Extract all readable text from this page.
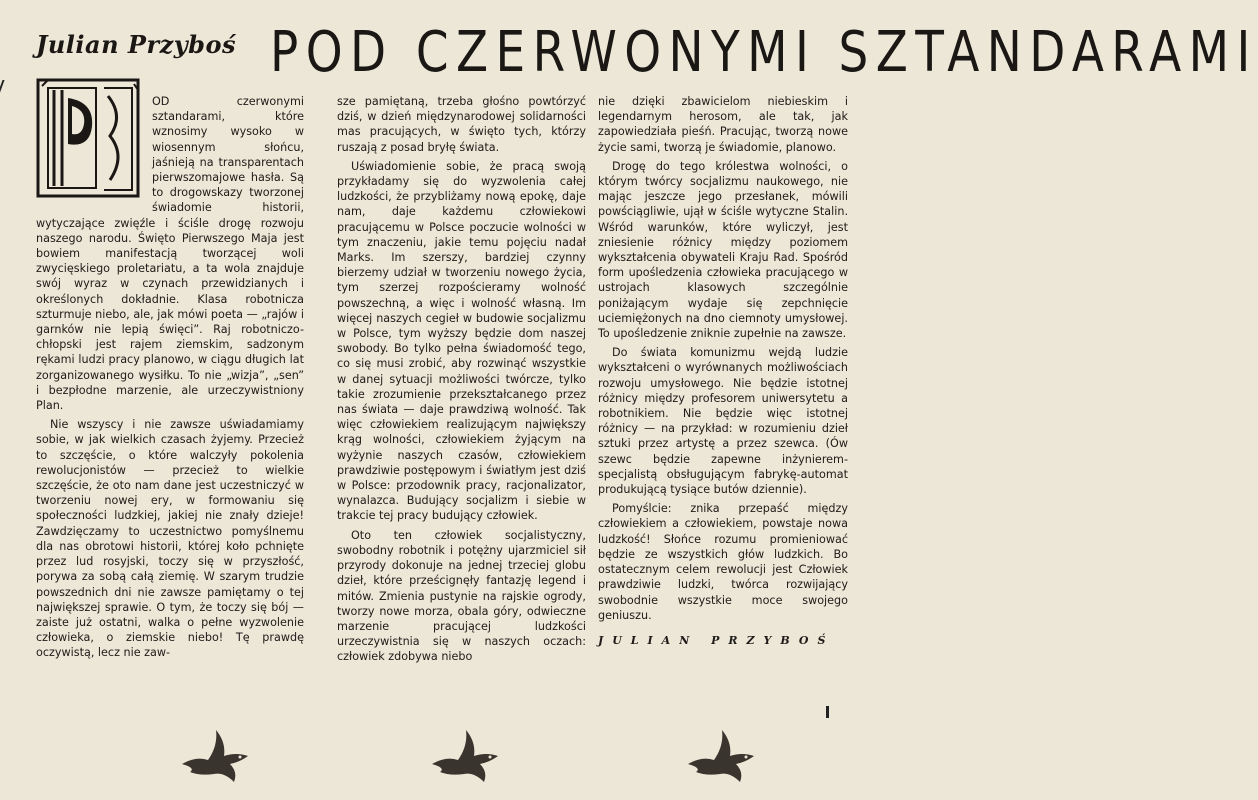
Julian Przyboś POD CZERWONYMI SZTANDARAMI

OD czerwonymi sztandarami, które wznosimy wysoko w wiosennym słońcu, jaśnieją na transparentach pierwszomajowe hasła. Są to drogowskazy tworzonej świadomie historii, wytyczające zwięźle i ściśle drogę rozwoju naszego narodu. Święto Pierwszego Maja jest bowiem manifestacją tworzącej woli zwycięskiego proletariatu, a ta wola znajduje swój wyraz w czynach przewidzianych i określonych dokładnie. Klasa robotnicza szturmuje niebo, ale, jak mówi poeta — „rajów i garnków nie lepią święci”. Raj robotniczo-chłopski jest rajem ziemskim, sadzonym rękami ludzi pracy planowo, w ciągu długich lat zorganizowanego wysiłku. To nie „wizja”, „sen” i bezpłodne marzenie, ale urzeczywistniony Plan.

Nie wszyscy i nie zawsze uświadamiamy sobie, w jak wielkich czasach żyjemy. Przecież to szczęście, o które walczyły pokolenia rewolucjonistów — przecież to wielkie szczęście, że oto nam dane jest uczestniczyć w tworzeniu nowej ery, w formowaniu się społeczności ludzkiej, jakiej nie znały dzieje! Zawdzięczamy to uczestnictwo pomyślnemu dla nas obrotowi historii, której koło pchnięte przez lud rosyjski, toczy się w przyszłość, porywa za sobą całą ziemię. W szarym trudzie powszednich dni nie zawsze pamiętamy o tej największej sprawie. O tym, że toczy się bój — zaiste już ostatni, walka o pełne wyzwolenie człowieka, o ziemskie niebo! Tę prawdę oczywistą, lecz nie zaw-

sze pamiętaną, trzeba głośno powtórzyć dziś, w dzień międzynarodowej solidarności mas pracujących, w święto tych, którzy ruszają z posad bryłę świata.

Uświadomienie sobie, że pracą swoją przykładamy się do wyzwolenia całej ludzkości, że przybliżamy nową epokę, daje nam, daje każdemu człowiekowi pracującemu w Polsce poczucie wolności w tym znaczeniu, jakie temu pojęciu nadał Marks. Im szerszy, bardziej czynny bierzemy udział w tworzeniu nowego życia, tym szerzej rozpościeramy wolność powszechną, a więc i wolność własną. Im więcej naszych cegieł w budowie socjalizmu w Polsce, tym wyższy będzie dom naszej swobody. Bo tylko pełna świadomość tego, co się musi zrobić, aby rozwinąć wszystkie w danej sytuacji możliwości twórcze, tylko takie zrozumienie przekształcanego przez nas świata — daje prawdziwą wolność. Tak więc człowiekiem realizującym największy krąg wolności, człowiekiem żyjącym na wyżynie naszych czasów, człowiekiem prawdziwie postępowym i światłym jest dziś w Polsce: przodownik pracy, racjonalizator, wynalazca. Budujący socjalizm i siebie w trakcie tej pracy budujący człowiek.

Oto ten człowiek socjalistyczny, swobodny robotnik i potężny ujarzmiciel sił przyrody dokonuje na jednej trzeciej globu dzieł, które prześcignęły fantazję legend i mitów. Zmienia pustynie na rajskie ogrody, tworzy nowe morza, obala góry, odwieczne marzenie pracującej ludzkości urzeczywistnia się w naszych oczach: człowiek zdobywa niebo

nie dzięki zbawicielom niebieskim i legendarnym herosom, ale tak, jak zapowiedziała pieśń. Pracując, tworzą nowe życie sami, tworzą je świadomie, planowo.

Drogę do tego królestwa wolności, o którym twórcy socjalizmu naukowego, nie mając jeszcze jego przesłanek, mówili powściągliwie, ujął w ściśle wytyczne Stalin. Wśród warunków, które wyliczył, jest zniesienie różnicy między poziomem wykształcenia obywateli Kraju Rad. Spośród form upośledzenia człowieka pracującego w ustrojach klasowych szczególnie poniżającym wydaje się zepchnięcie uciemiężonych na dno ciemnoty umysłowej. To upośledzenie zniknie zupełnie na zawsze.

Do świata komunizmu wejdą ludzie wykształceni o wyrównanych możliwościach rozwoju umysłowego. Nie będzie istotnej różnicy między profesorem uniwersytetu a robotnikiem. Nie będzie więc istotnej różnicy — na przykład: w rozumieniu dzieł sztuki przez artystę a przez szewca. (Ów szewc będzie zapewne inżynierem-specjalistą obsługującym fabrykę-automat produkującą tysiące butów dziennie).

Pomyślcie: znika przepaść między człowiekiem a człowiekiem, powstaje nowa ludzkość! Słońce rozumu promieniować będzie ze wszystkich głów ludzkich. Bo ostatecznym celem rewolucji jest Człowiek prawdziwie ludzki, twórca rozwijający swobodnie wszystkie moce swojego geniuszu.

JULIAN PRZYBOŚ
